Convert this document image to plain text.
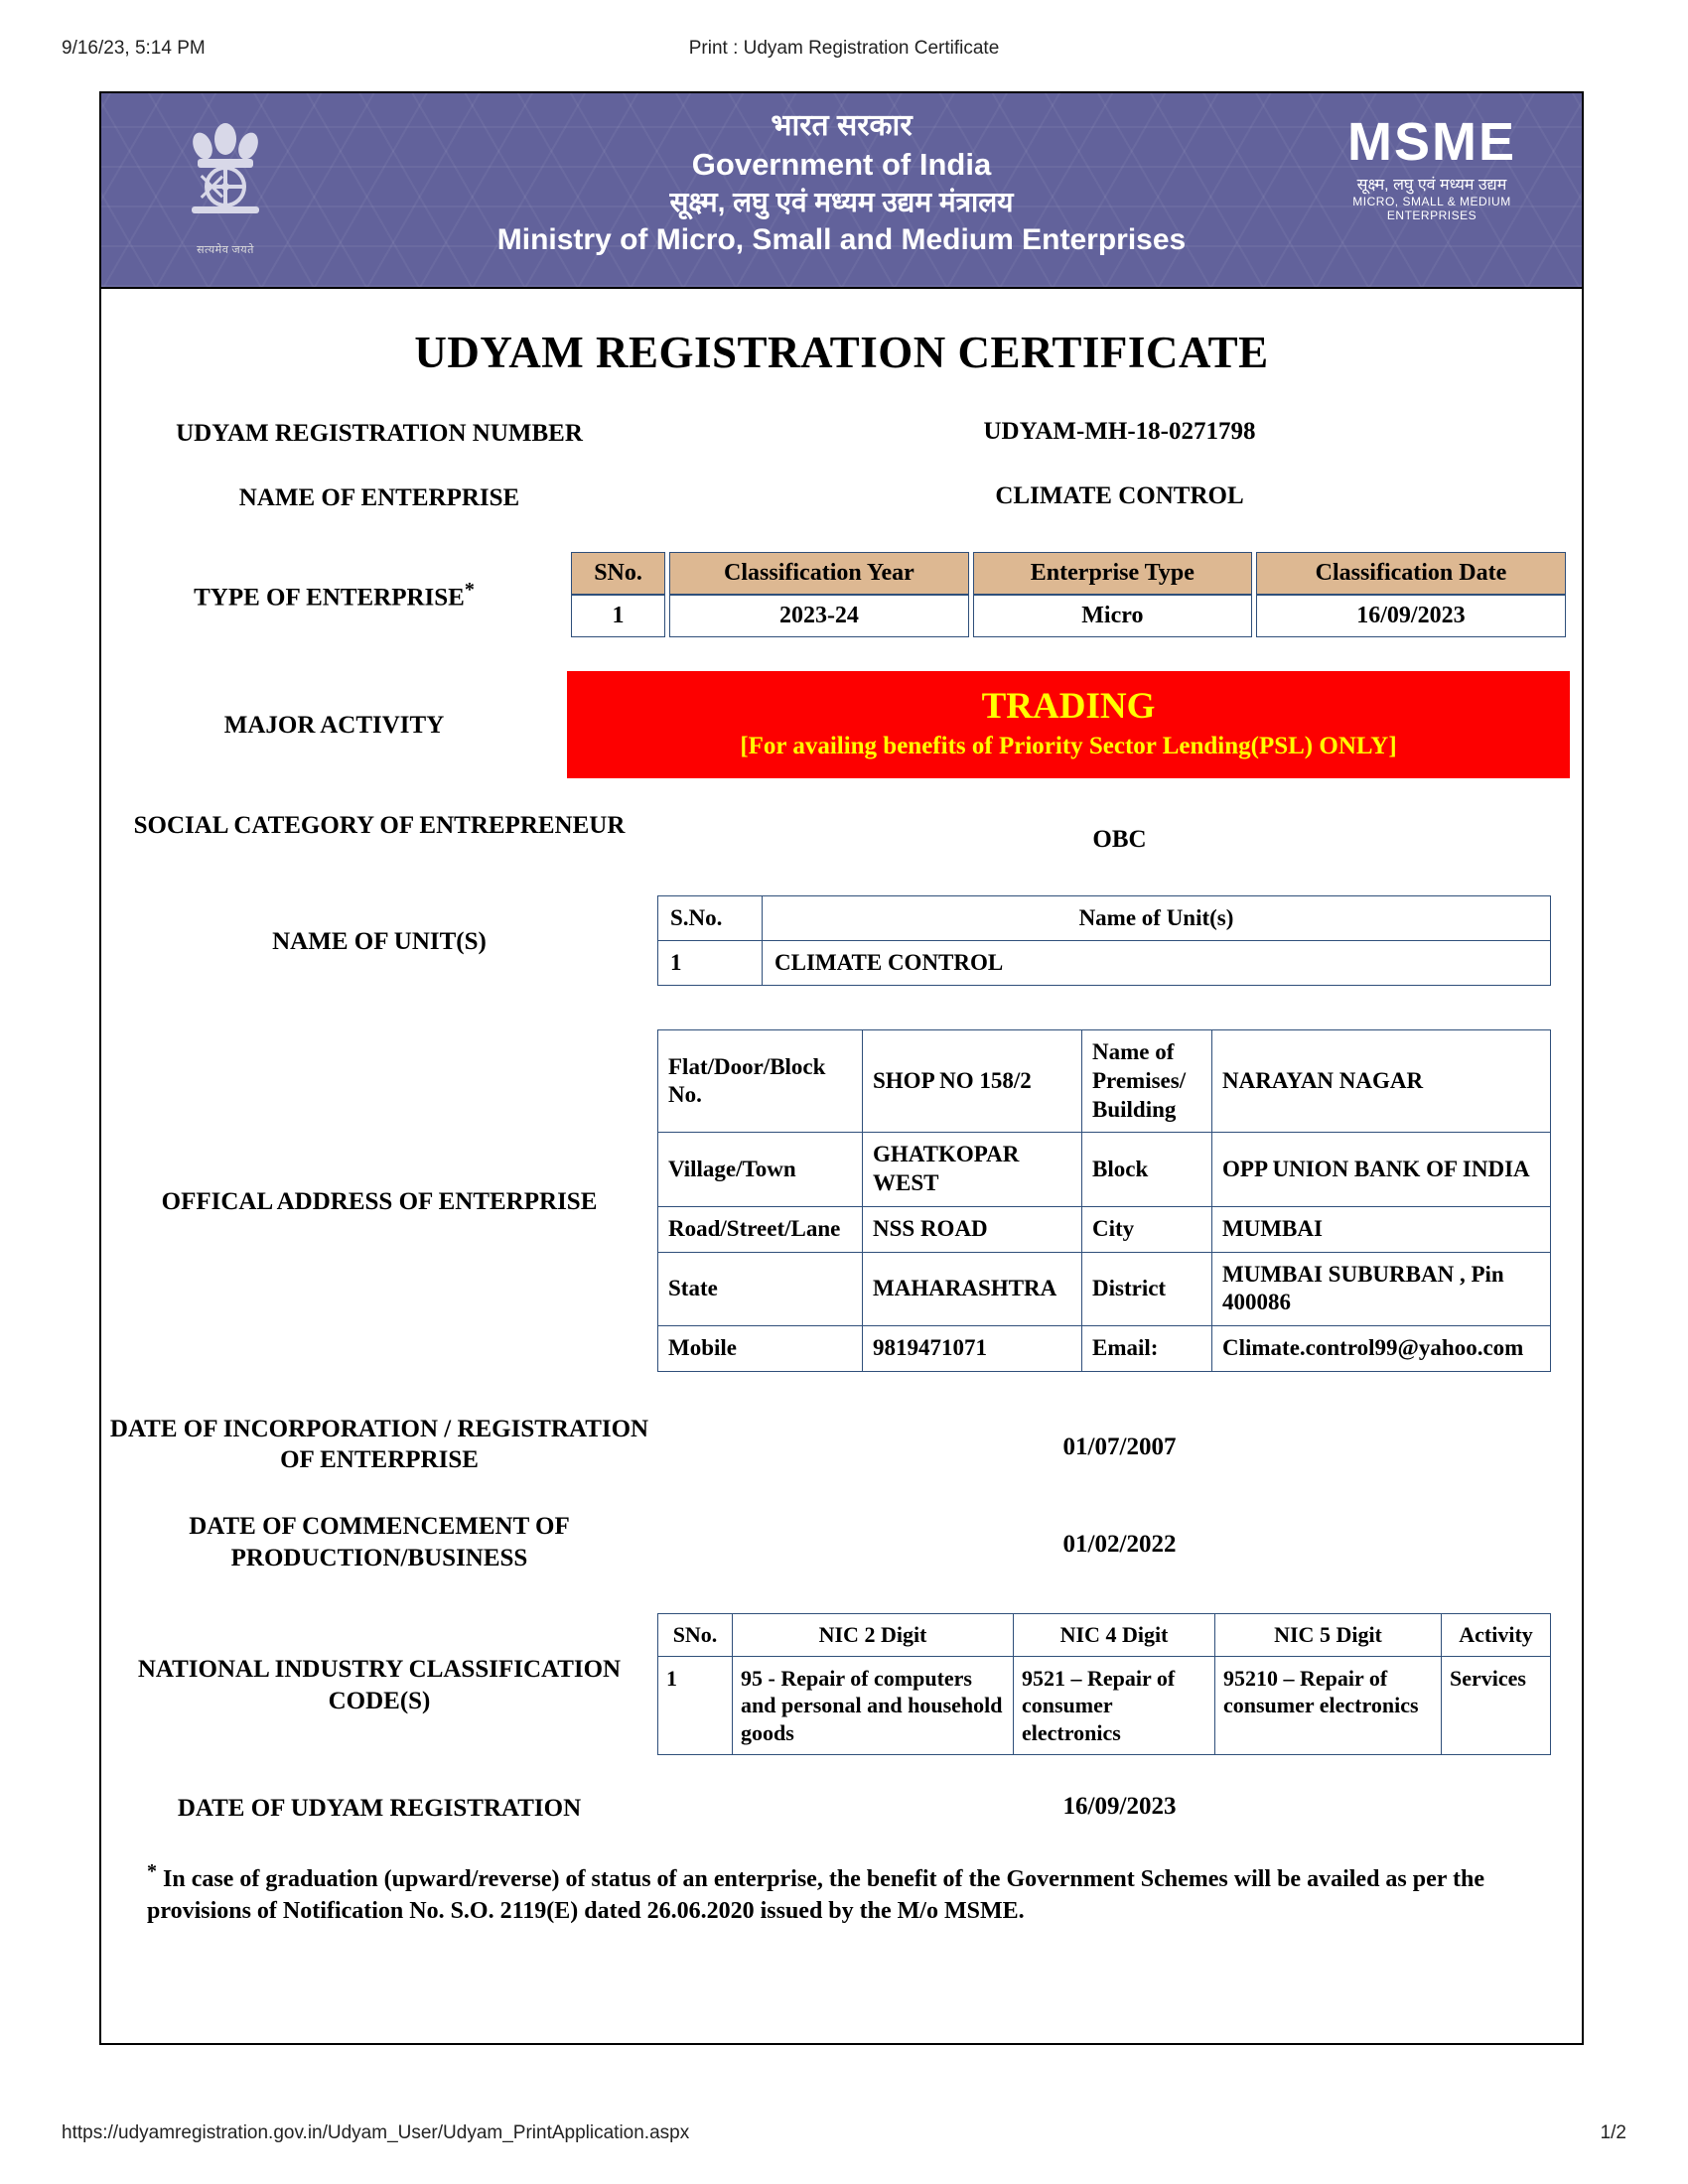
9/16/23, 5:14 PM	Print : Udyam Registration Certificate
सत्यमेव जयते
भारत सरकार
Government of India
सूक्ष्म, लघु एवं मध्यम उद्यम मंत्रालय
Ministry of Micro, Small and Medium Enterprises
MSME
सूक्ष्म, लघु एवं मध्यम उद्यम
MICRO, SMALL & MEDIUM ENTERPRISES
UDYAM REGISTRATION CERTIFICATE
UDYAM REGISTRATION NUMBER	UDYAM-MH-18-0271798
NAME OF ENTERPRISE	CLIMATE CONTROL
TYPE OF ENTERPRISE*
SNo.	Classification Year	Enterprise Type	Classification Date
1	2023-24	Micro	16/09/2023
MAJOR ACTIVITY	TRADING
[For availing benefits of Priority Sector Lending(PSL) ONLY]
SOCIAL CATEGORY OF ENTREPRENEUR
OBC
NAME OF UNIT(S)
S.No.	Name of Unit(s)
1	CLIMATE CONTROL
OFFICAL ADDRESS OF ENTERPRISE
Flat/Door/Block No.	SHOP NO 158/2	Name of Premises/ Building	NARAYAN NAGAR
Village/Town	GHATKOPAR WEST	Block	OPP UNION BANK OF INDIA
Road/Street/Lane	NSS ROAD	City	MUMBAI
State	MAHARASHTRA	District	MUMBAI SUBURBAN , Pin 400086
Mobile	9819471071	Email:	Climate.control99@yahoo.com
DATE OF INCORPORATION / REGISTRATION OF ENTERPRISE	01/07/2007
DATE OF COMMENCEMENT OF PRODUCTION/BUSINESS	01/02/2022
NATIONAL INDUSTRY CLASSIFICATION CODE(S)
SNo.	NIC 2 Digit	NIC 4 Digit	NIC 5 Digit	Activity
1	95 - Repair of computers and personal and household goods	9521 – Repair of consumer electronics	95210 – Repair of consumer electronics	Services
DATE OF UDYAM REGISTRATION	16/09/2023
* In case of graduation (upward/reverse) of status of an enterprise, the benefit of the Government Schemes will be availed as per the provisions of Notification No. S.O. 2119(E) dated 26.06.2020 issued by the M/o MSME.
https://udyamregistration.gov.in/Udyam_User/Udyam_PrintApplication.aspx	1/2
